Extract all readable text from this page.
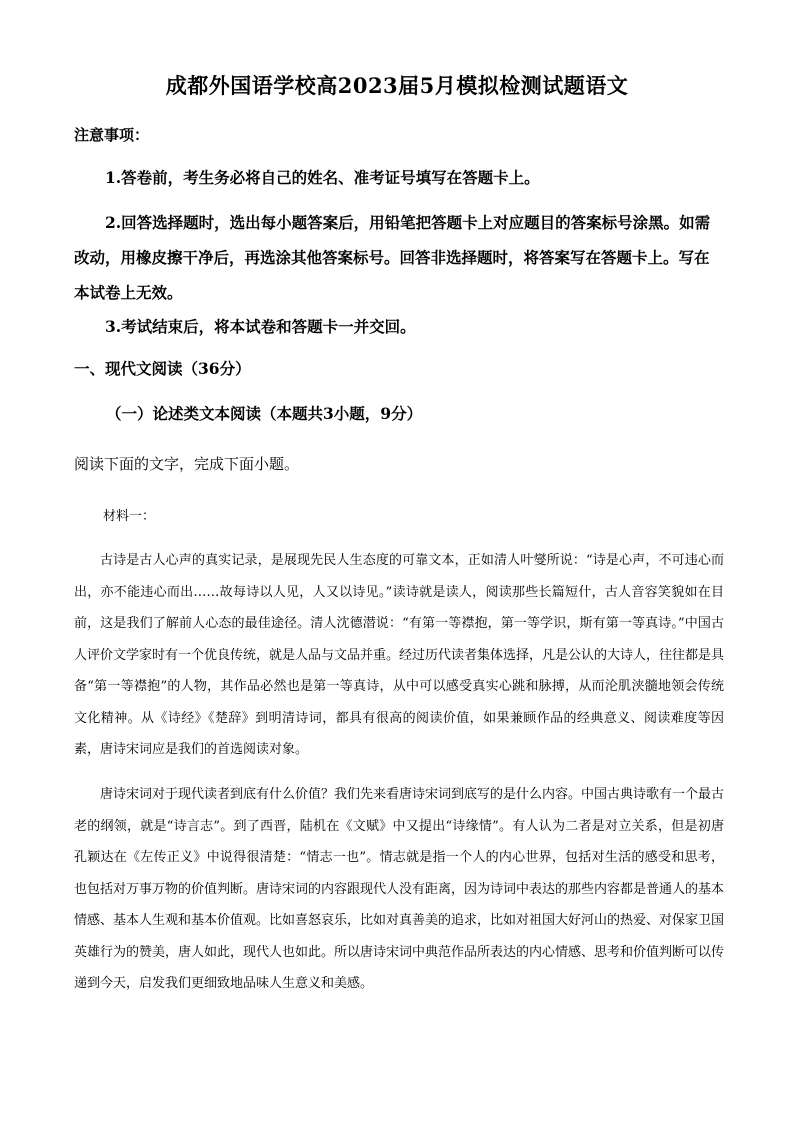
成都外国语学校高2023届5月模拟检测试题语文
注意事项：

1.答卷前，考生务必将自己的姓名、准考证号填写在答题卡上。

2.回答选择题时，选出每小题答案后，用铅笔把答题卡上对应题目的答案标号涂黑。如需改动，用橡皮擦干净后，再选涂其他答案标号。回答非选择题时，将答案写在答题卡上。写在本试卷上无效。

3.考试结束后，将本试卷和答题卡一并交回。

一、现代文阅读（36分）
（一）论述类文本阅读（本题共3小题，9分）
阅读下面的文字，完成下面小题。
材料一：

古诗是古人心声的真实记录，是展现先民人生态度的可靠文本，正如清人叶燮所说：“诗是心声，不可违心而出，亦不能违心而出……故每诗以人见，人又以诗见。”读诗就是读人，阅读那些长篇短什，古人音容笑貌如在目前，这是我们了解前人心态的最佳途径。清人沈德潜说：“有第一等襟抱，第一等学识，斯有第一等真诗。”中国古人评价文学家时有一个优良传统，就是人品与文品并重。经过历代读者集体选择，凡是公认的大诗人，往往都是具备“第一等襟抱”的人物，其作品必然也是第一等真诗，从中可以感受真实心跳和脉搏，从而沦肌浃髓地领会传统文化精神。从《诗经》《楚辞》到明清诗词，都具有很高的阅读价值，如果兼顾作品的经典意义、阅读难度等因素，唐诗宋词应是我们的首选阅读对象。

唐诗宋词对于现代读者到底有什么价值？我们先来看唐诗宋词到底写的是什么内容。中国古典诗歌有一个最古老的纲领，就是“诗言志”。到了西晋，陆机在《文赋》中又提出“诗缘情”。有人认为二者是对立关系，但是初唐孔颖达在《左传正义》中说得很清楚：“情志一也”。情志就是指一个人的内心世界，包括对生活的感受和思考，也包括对万事万物的价值判断。唐诗宋词的内容跟现代人没有距离，因为诗词中表达的那些内容都是普通人的基本情感、基本人生观和基本价值观。比如喜怒哀乐，比如对真善美的追求，比如对祖国大好河山的热爱、对保家卫国英雄行为的赞美，唐人如此，现代人也如此。所以唐诗宋词中典范作品所表达的内心情感、思考和价值判断可以传递到今天，启发我们更细致地品味人生意义和美感。
